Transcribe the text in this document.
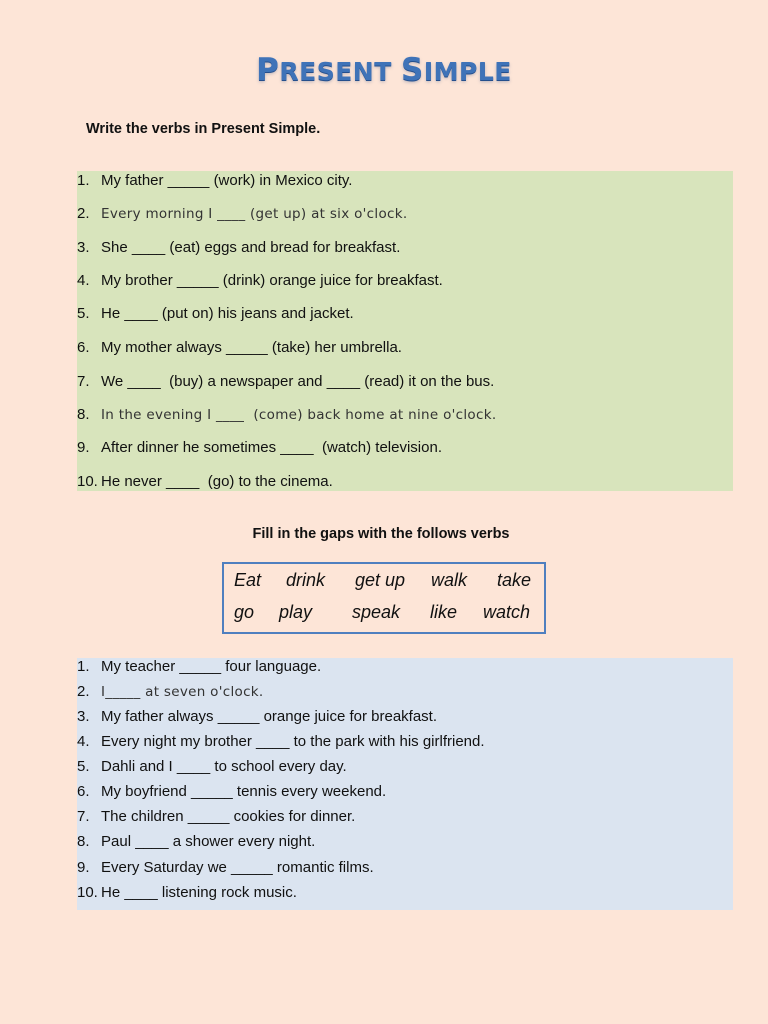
PRESENT SIMPLE
Write the verbs in Present Simple.
1. My father _____ (work) in Mexico city.
2. Every morning I ____ (get up) at six o'clock.
3. She ____ (eat) eggs and bread for breakfast.
4. My brother _____ (drink) orange juice for breakfast.
5. He ____ (put on) his jeans and jacket.
6. My mother always _____ (take) her umbrella.
7. We ____  (buy) a newspaper and ____ (read) it on the bus.
8. In the evening I ____  (come) back home at nine o'clock.
9. After dinner he sometimes ____  (watch) television.
10. He never ____  (go) to the cinema.
Fill in the gaps with the follows verbs
Eat drink get up walk take
go play speak like watch
1. My teacher _____ four language.
2. I_____ at seven o'clock.
3. My father always _____ orange juice for breakfast.
4. Every night my brother ____ to the park with his girlfriend.
5. Dahli and I ____ to school every day.
6. My boyfriend _____ tennis every weekend.
7. The children _____ cookies for dinner.
8. Paul ____ a shower every night.
9. Every Saturday we _____ romantic films.
10. He ____ listening rock music.
